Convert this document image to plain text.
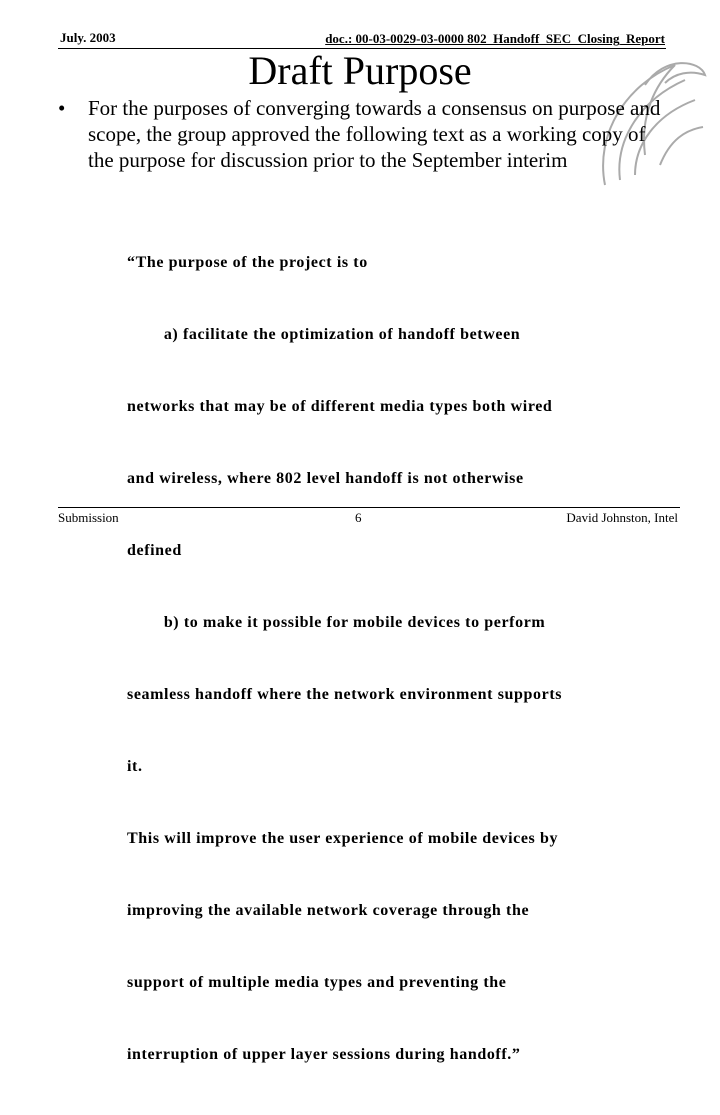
July. 2003	doc.: 00-03-0029-03-0000 802_Handoff_SEC_Closing_Report
Draft Purpose
•	For the purposes of converging towards a consensus on purpose and scope, the group approved the following text as a working copy of the purpose for discussion prior to the September interim

“The purpose of the project is to

a) facilitate the optimization of handoff between

networks that may be of different media types both wired

and wireless, where 802 level handoff is not otherwise

defined

b) to make it possible for mobile devices to perform

seamless handoff where the network environment supports

it.

This will improve the user experience of mobile devices by

improving the available network coverage through the

support of multiple media types and preventing the

interruption of upper layer sessions during handoff.”

Submission	6	David Johnston, Intel
